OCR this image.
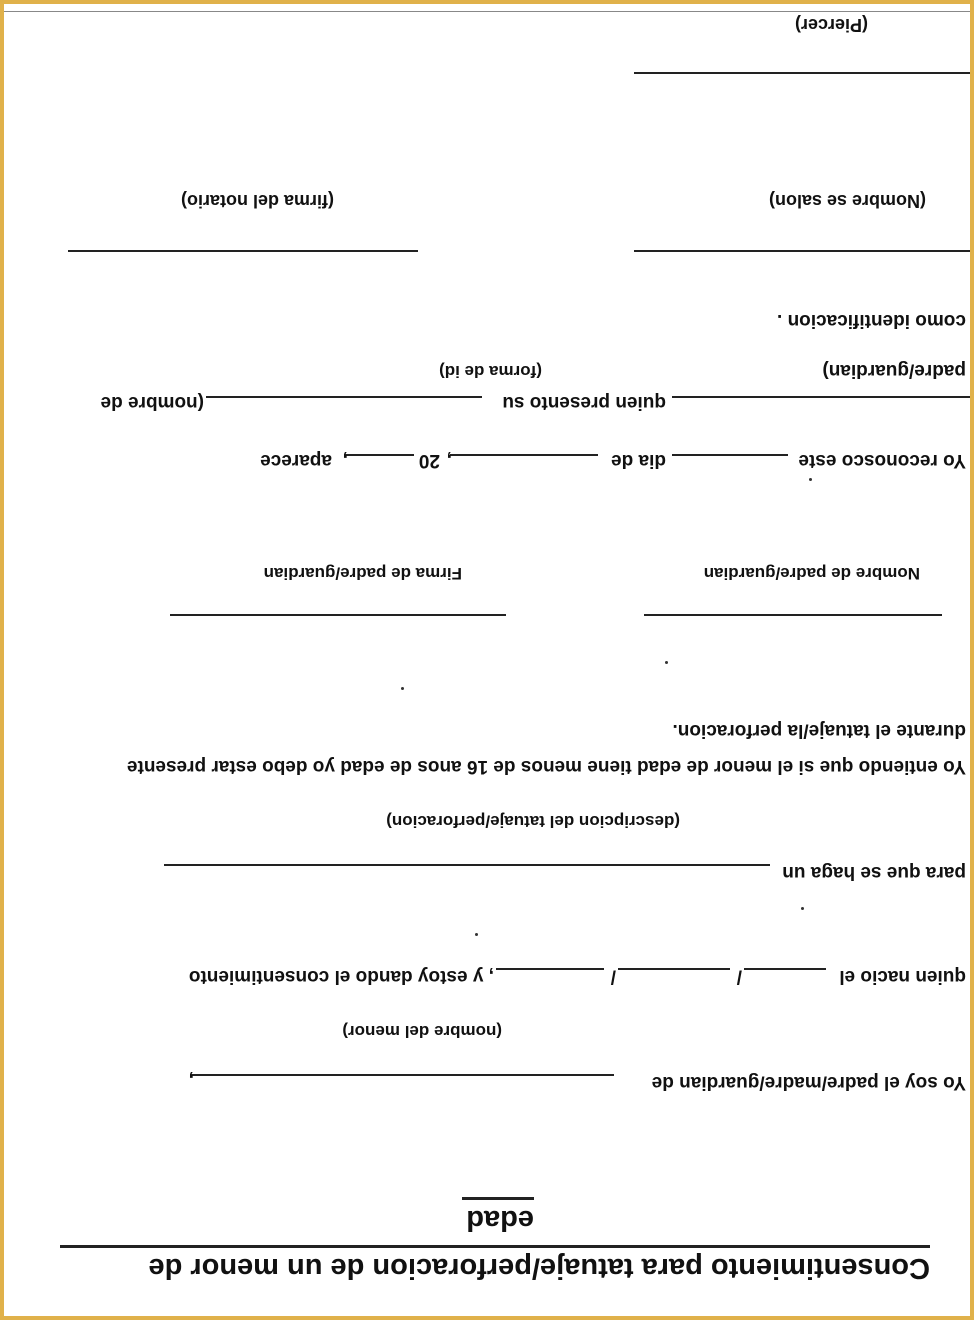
Consentimiento para tatuaje/perforacion de un menor de
edad
Yo soy el padre/madre/guardian de
,
(nombre del menor)
quien nacio el
/
/
, y estoy dando el consentimiento
para que se haga un
(descripcion del tatuaje/perforacion)
Yo entiendo que si el menor de edad tiene menos de 16 anos de edad yo debo estar presente
durante el tatuaje/la perforacion.
Nombre de padre/guardian
Firma de padre/guardian
Yo reconosco este
dia de
,
20
,
aparece
quien presento su
(nombre de
padre/guardian)
(forma de id)
como identificacion .
(Nombre se salon)
(firma del notario)
(Piercer)
